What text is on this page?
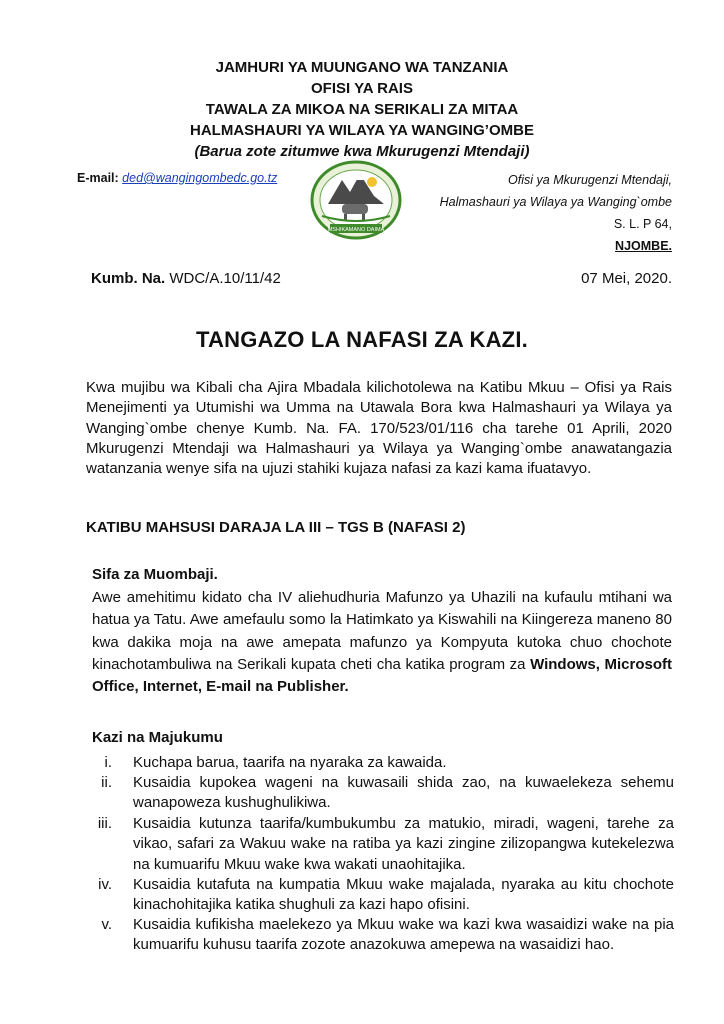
JAMHURI YA MUUNGANO WA TANZANIA
OFISI YA RAIS
TAWALA ZA MIKOA NA SERIKALI ZA MITAA
HALMASHAURI YA WILAYA YA WANGING’OMBE
(Barua zote zitumwe kwa Mkurugenzi Mtendaji)
E-mail: ded@wangingombedc.go.tz
MSHIKAMANO DAIMA
Ofisi ya Mkurugenzi Mtendaji,
Halmashauri ya Wilaya ya Wanging`ombe
S. L. P 64,
NJOMBE.
Kumb. Na. WDC/A.10/11/42	07 Mei, 2020.
TANGAZO LA NAFASI ZA KAZI.
Kwa mujibu wa Kibali cha Ajira Mbadala kilichotolewa na Katibu Mkuu – Ofisi ya Rais Menejimenti ya Utumishi wa Umma na Utawala Bora kwa Halmashauri ya Wilaya ya Wanging`ombe chenye Kumb. Na. FA. 170/523/01/116 cha tarehe 01 Aprili, 2020 Mkurugenzi Mtendaji wa Halmashauri ya Wilaya ya Wanging`ombe anawatangazia watanzania wenye sifa na ujuzi stahiki kujaza nafasi za kazi kama ifuatavyo.
KATIBU MAHSUSI DARAJA LA III – TGS B (NAFASI 2)
Sifa za Muombaji.
Awe amehitimu kidato cha IV aliehudhuria Mafunzo ya Uhazili na kufaulu mtihani wa hatua ya Tatu. Awe amefaulu somo la Hatimkato ya Kiswahili na Kiingereza maneno 80 kwa dakika moja na awe amepata mafunzo ya Kompyuta kutoka chuo chochote kinachotambuliwa na Serikali kupata cheti cha katika program za Windows, Microsoft Office, Internet, E-mail na Publisher.
Kazi na Majukumu
i. Kuchapa barua, taarifa na nyaraka za kawaida.
ii. Kusaidia kupokea wageni na kuwasaili shida zao, na kuwaelekeza sehemu wanapoweza kushughulikiwa.
iii. Kusaidia kutunza taarifa/kumbukumbu za matukio, miradi, wageni, tarehe za vikao, safari za Wakuu wake na ratiba ya kazi zingine zilizopangwa kutekelezwa na kumuarifu Mkuu wake kwa wakati unaohitajika.
iv. Kusaidia kutafuta na kumpatia Mkuu wake majalada, nyaraka au kitu chochote kinachohitajika katika shughuli za kazi hapo ofisini.
v. Kusaidia kufikisha maelekezo ya Mkuu wake wa kazi kwa wasaidizi wake na pia kumuarifu kuhusu taarifa zozote anazokuwa amepewa na wasaidizi hao.
